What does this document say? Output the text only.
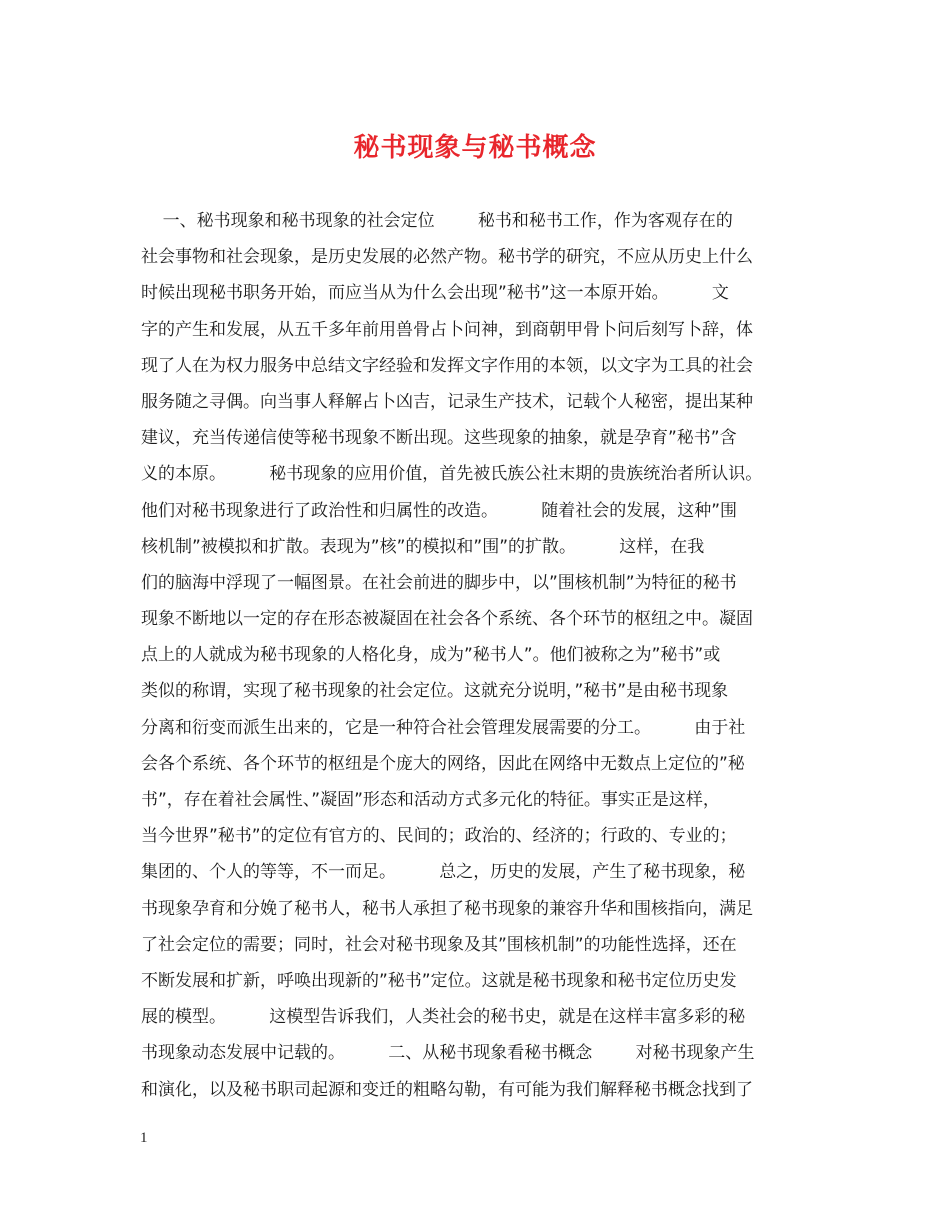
秘书现象与秘书概念
一、秘书现象和秘书现象的社会定位        秘书和秘书工作，作为客观存在的
社会事物和社会现象，是历史发展的必然产物。秘书学的研究，不应从历史上什么
时候出现秘书职务开始，而应当从为什么会出现”秘书”这一本原开始。        文
字的产生和发展，从五千多年前用兽骨占卜问神，到商朝甲骨卜问后刻写卜辞，体
现了人在为权力服务中总结文字经验和发挥文字作用的本领，以文字为工具的社会
服务随之寻偶。向当事人释解占卜凶吉，记录生产技术，记载个人秘密，提出某种
建议，充当传递信使等秘书现象不断出现。这些现象的抽象，就是孕育”秘书”含
义的本原。        秘书现象的应用价值，首先被氏族公社末期的贵族统治者所认识。
他们对秘书现象进行了政治性和归属性的改造。        随着社会的发展，这种”围
核机制”被模拟和扩散。表现为”核”的模拟和”围”的扩散。        这样，在我
们的脑海中浮现了一幅图景。在社会前进的脚步中，以”围核机制”为特征的秘书
现象不断地以一定的存在形态被凝固在社会各个系统、各个环节的枢纽之中。凝固
点上的人就成为秘书现象的人格化身，成为”秘书人”。他们被称之为”秘书”或
类似的称谓，实现了秘书现象的社会定位。这就充分说明，”秘书”是由秘书现象
分离和衍变而派生出来的，它是一种符合社会管理发展需要的分工。        由于社
会各个系统、各个环节的枢纽是个庞大的网络，因此在网络中无数点上定位的”秘
书”，存在着社会属性、”凝固”形态和活动方式多元化的特征。事实正是这样，
当今世界”秘书”的定位有官方的、民间的；政治的、经济的；行政的、专业的；
集团的、个人的等等，不一而足。        总之，历史的发展，产生了秘书现象，秘
书现象孕育和分娩了秘书人，秘书人承担了秘书现象的兼容升华和围核指向，满足
了社会定位的需要；同时，社会对秘书现象及其”围核机制”的功能性选择，还在
不断发展和扩新，呼唤出现新的”秘书”定位。这就是秘书现象和秘书定位历史发
展的模型。        这模型告诉我们，人类社会的秘书史，就是在这样丰富多彩的秘
书现象动态发展中记载的。        二、从秘书现象看秘书概念        对秘书现象产生
和演化，以及秘书职司起源和变迁的粗略勾勒，有可能为我们解释秘书概念找到了
1
